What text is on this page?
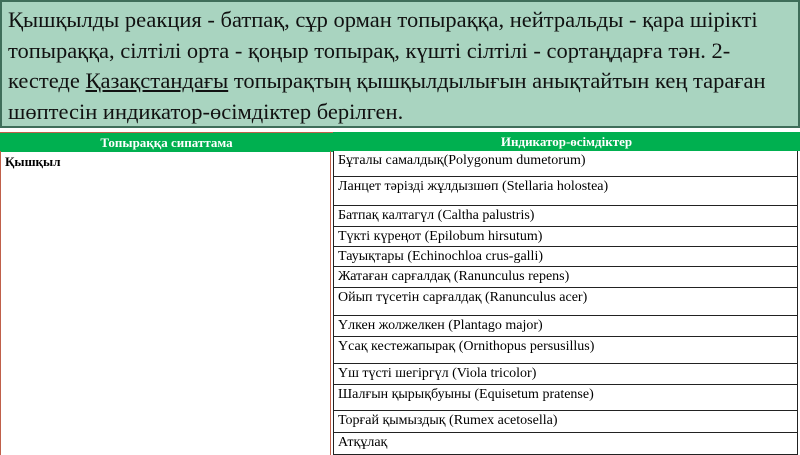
Қышқылды реакция - батпақ, сұр орман топыраққа, нейтральды - қара шірікті топыраққа, сілтілі орта - қоңыр топырақ, күшті сілтілі - сортаңдарға тән. 2-кестеде Қазақстандағы топырақтың қышқылдылығын анықтайтын кең тараған шөптесін индикатор-өсімдіктер берілген.

Топыраққа сипаттама	Индикатор-өсімдіктер
Қышқыл	Бұталы самалдық(Polygonum dumetorum)
Ланцет тәрізді жұлдызшөп (Stellaria holostea)
Батпақ калтагүл (Caltha palustris)
Түкті күреңот (Epilobum hirsutum)
Тауықтары (Echinochloa crus-galli)
Жатаған сарғалдақ (Ranunculus repens)
Ойып түсетін сарғалдақ (Ranunculus acer)
Үлкен жолжелкен (Plantago major)
Үсақ кестежапырақ (Ornithopus persusillus)
Үш түсті шегіргүл (Viola tricolor)
Шалғын қырықбуыны (Equisetum pratense)
Торғай қымыздық (Rumex acetosella)
Атқұлақ
